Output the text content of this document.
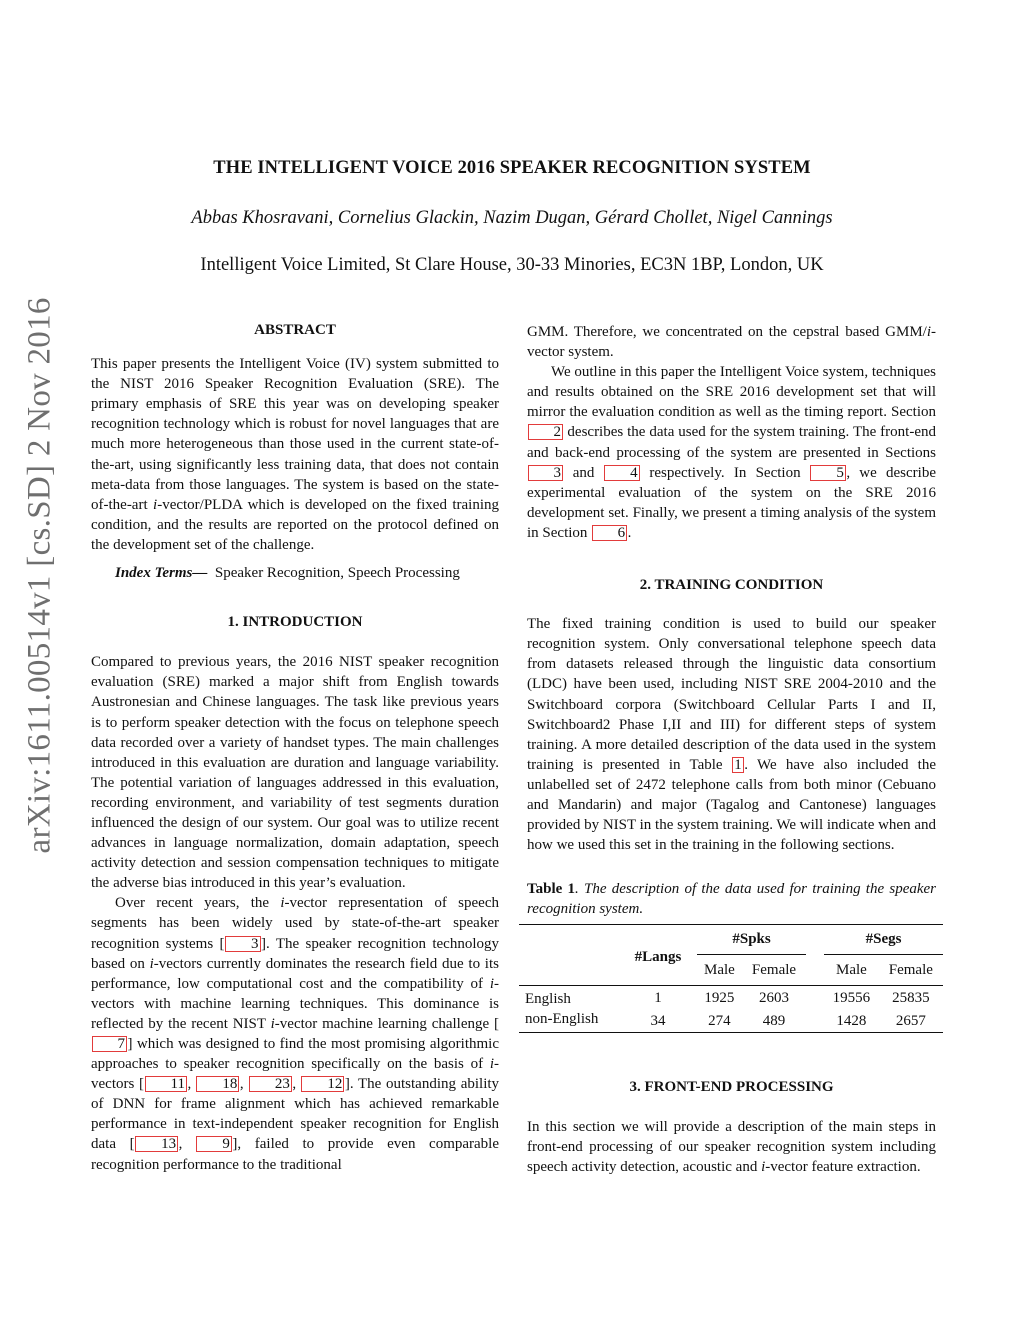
arXiv:1611.00514v1 [cs.SD] 2 Nov 2016
THE INTELLIGENT VOICE 2016 SPEAKER RECOGNITION SYSTEM
Abbas Khosravani, Cornelius Glackin, Nazim Dugan, Gérard Chollet, Nigel Cannings
Intelligent Voice Limited, St Clare House, 30-33 Minories, EC3N 1BP, London, UK

ABSTRACT

This paper presents the Intelligent Voice (IV) system submitted to the NIST 2016 Speaker Recognition Evaluation (SRE). The primary emphasis of SRE this year was on developing speaker recognition technology which is robust for novel languages that are much more heterogeneous than those used in the current state-of-the-art, using significantly less training data, that does not contain meta-data from those languages. The system is based on the state-of-the-art i-vector/PLDA which is developed on the fixed training condition, and the results are reported on the protocol defined on the development set of the challenge.

Index Terms— Speaker Recognition, Speech Processing

1. INTRODUCTION

Compared to previous years, the 2016 NIST speaker recognition evaluation (SRE) marked a major shift from English towards Austronesian and Chinese languages. The task like previous years is to perform speaker detection with the focus on telephone speech data recorded over a variety of handset types. The main challenges introduced in this evaluation are duration and language variability. The potential variation of languages addressed in this evaluation, recording environment, and variability of test segments duration influenced the design of our system. Our goal was to utilize recent advances in language normalization, domain adaptation, speech activity detection and session compensation techniques to mitigate the adverse bias introduced in this year’s evaluation.

Over recent years, the i-vector representation of speech segments has been widely used by state-of-the-art speaker recognition systems [ 3 ]. The speaker recognition technology based on i-vectors currently dominates the research field due to its performance, low computational cost and the compatibility of i-vectors with machine learning techniques. This dominance is reflected by the recent NIST i-vector machine learning challenge [7 ] which was designed to find the most promising algorithmic approaches to speaker recognition specifically on the basis of i-vectors [ 11 , 18 , 23 , 12 ]. The outstanding ability of DNN for frame alignment which has achieved remarkable performance in text-independent speaker recognition for English data [ 13 , 9 ], failed to provide even comparable recognition performance to the traditional

GMM. Therefore, we concentrated on the cepstral based GMM/i-vector system.

We outline in this paper the Intelligent Voice system, techniques and results obtained on the SRE 2016 development set that will mirror the evaluation condition as well as the timing report. Section 2 describes the data used for the system training. The front-end and back-end processing of the system are presented in Sections 3 and 4 respectively. In Section 5 , we describe experimental evaluation of the system on the SRE 2016 development set. Finally, we present a timing analysis of the system in Section 6 .

2. TRAINING CONDITION

The fixed training condition is used to build our speaker recognition system. Only conversational telephone speech data from datasets released through the linguistic data consortium (LDC) have been used, including NIST SRE 2004-2010 and the Switchboard corpora (Switchboard Cellular Parts I and II, Switchboard2 Phase I,II and III) for different steps of system training. A more detailed description of the data used in the system training is presented in Table 1 . We have also included the unlabelled set of 2472 telephone calls from both minor (Cebuano and Mandarin) and major (Tagalog and Cantonese) languages provided by NIST in the system training. We will indicate when and how we used this set in the training in the following sections.

Table 1. The description of the data used for training the speaker recognition system.

	#Langs	#Spks			#Segs	
		Male	Female		Male	Female
English	1	1925	2603		19556	25835
non-English	34	274	489		1428	2657

3. FRONT-END PROCESSING

In this section we will provide a description of the main steps in front-end processing of our speaker recognition system including speech activity detection, acoustic and i-vector feature extraction.
